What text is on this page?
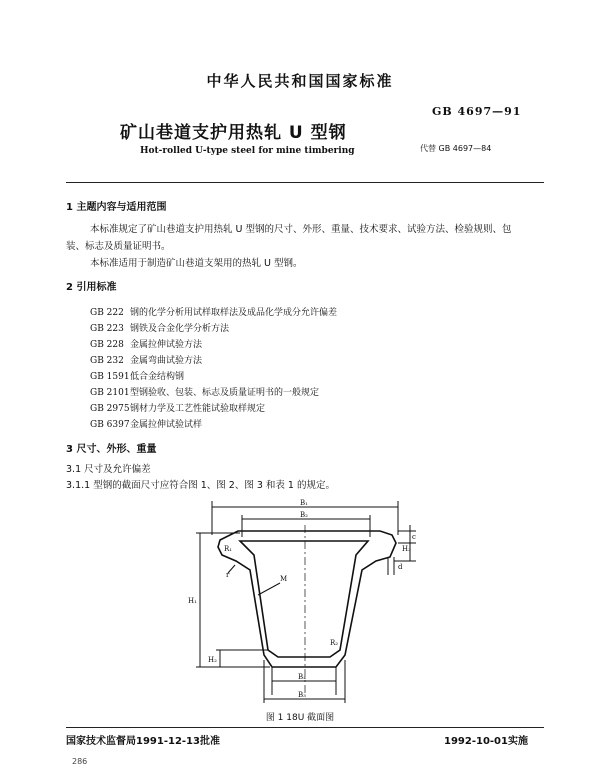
中华人民共和国国家标准
矿山巷道支护用热轧 U 型钢
Hot-rolled U-type steel for mine timbering
GB 4697—91
代替 GB 4697—84
1 主题内容与适用范围
本标准规定了矿山巷道支护用热轧 U 型钢的尺寸、外形、重量、技术要求、试验方法、检验规则、包
装、标志及质量证明书。
本标准适用于制造矿山巷道支架用的热轧 U 型钢。
2 引用标准
GB 222 钢的化学分析用试样取样法及成品化学成分允许偏差
GB 223 钢铁及合金化学分析方法
GB 228 金属拉伸试验方法
GB 232 金属弯曲试验方法
GB 1591低合金结构钢
GB 2101型钢验收、包装、标志及质量证明书的一般规定
GB 2975钢材力学及工艺性能试验取样规定
GB 6397金属拉伸试验试样
3 尺寸、外形、重量
3.1 尺寸及允许偏差
3.1.1 型钢的截面尺寸应符合图 1、图 2、图 3 和表 1 的规定。
B₁
B₂
B₄
B₃
H₁
H₂
H₃
c
d
M
r
R₁
R₂
图 1 18U 截面图
国家技术监督局1991-12-13批准	1992-10-01实施
286
